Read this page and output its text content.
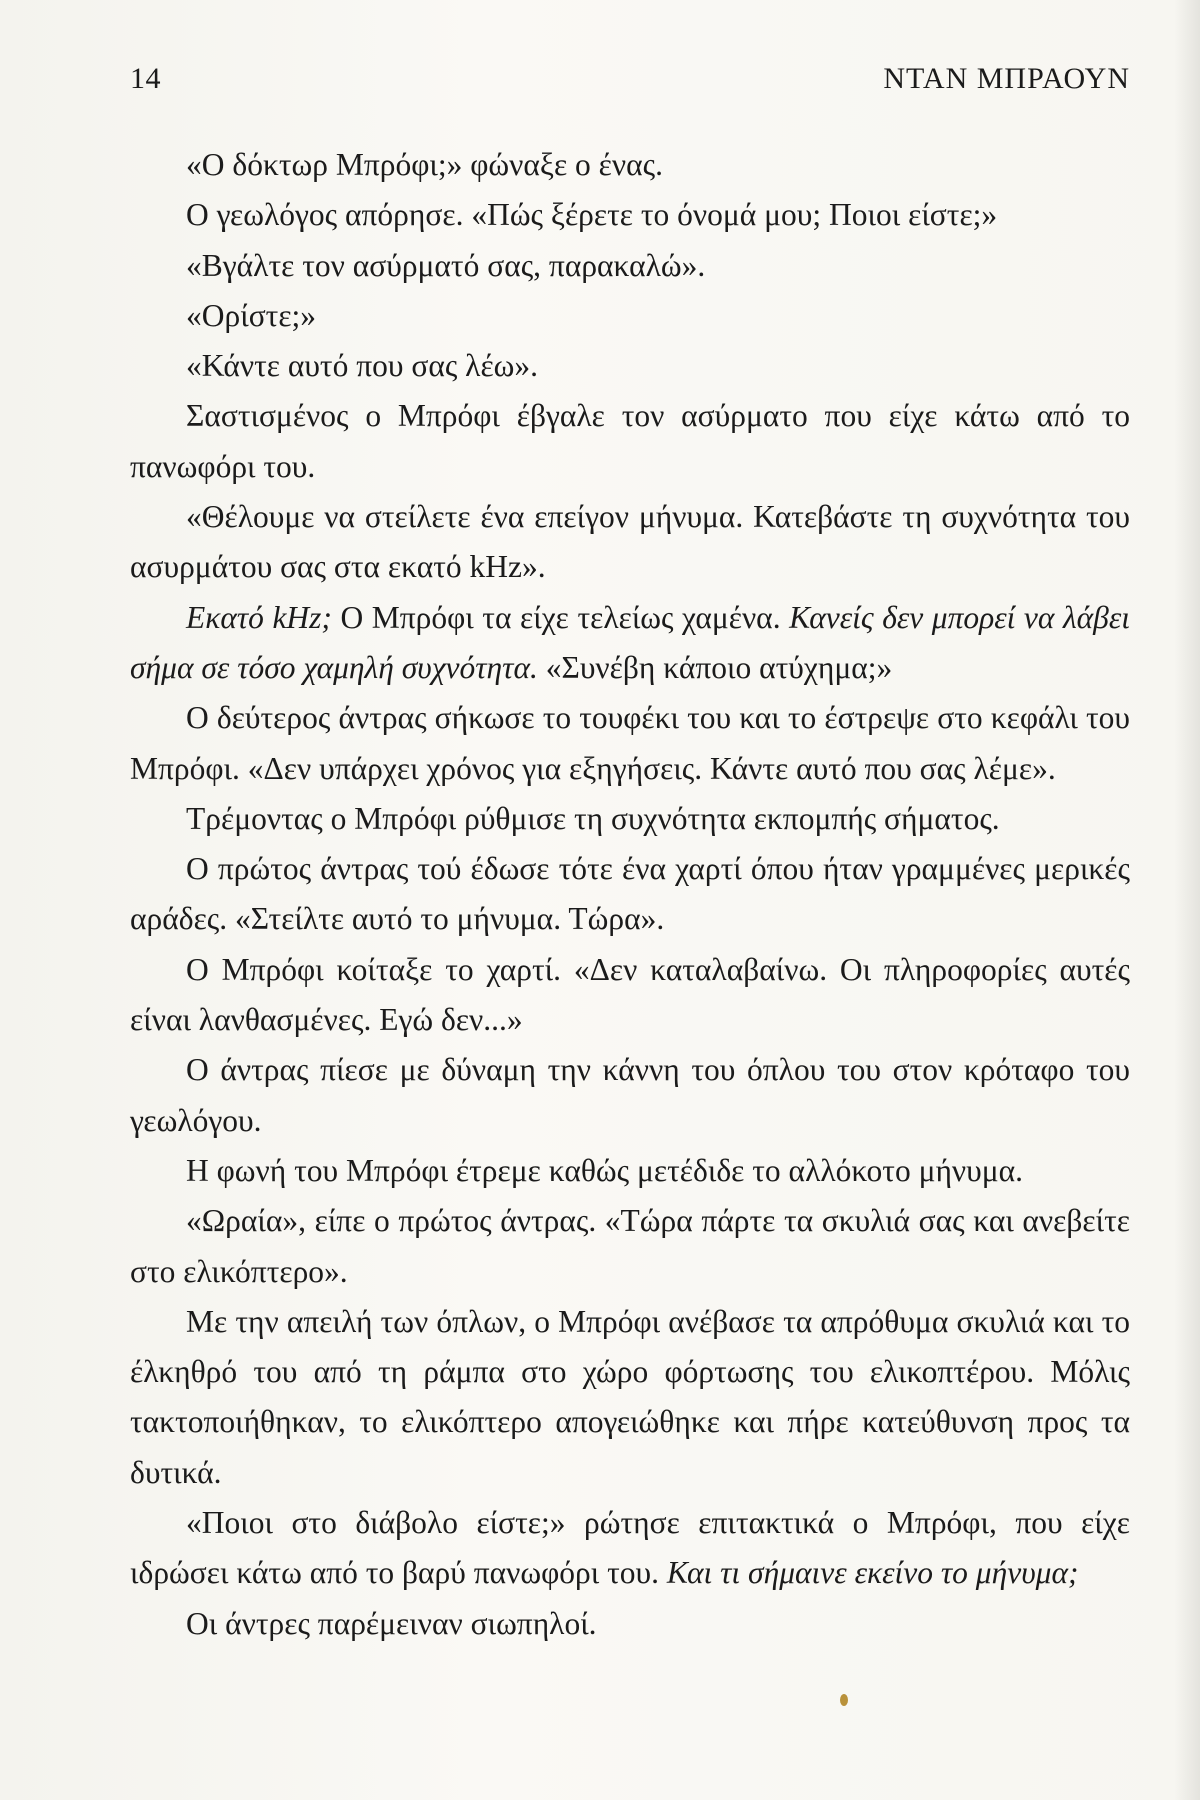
14	ΝΤΑΝ ΜΠΡΑΟΥΝ

«Ο δόκτωρ Μπρόφι;» φώναξε ο ένας.

Ο γεωλόγος απόρησε. «Πώς ξέρετε το όνομά μου; Ποιοι είστε;»

«Βγάλτε τον ασύρματό σας, παρακαλώ».

«Ορίστε;»

«Κάντε αυτό που σας λέω».

Σαστισμένος ο Μπρόφι έβγαλε τον ασύρματο που είχε κάτω από το πανωφόρι του.

«Θέλουμε να στείλετε ένα επείγον μήνυμα. Κατεβάστε τη συχνότητα του ασυρμάτου σας στα εκατό kHz».

Εκατό kHz; Ο Μπρόφι τα είχε τελείως χαμένα. Κανείς δεν μπορεί να λάβει σήμα σε τόσο χαμηλή συχνότητα. «Συνέβη κάποιο ατύχημα;»

Ο δεύτερος άντρας σήκωσε το τουφέκι του και το έστρεψε στο κεφάλι του Μπρόφι. «Δεν υπάρχει χρόνος για εξηγήσεις. Κάντε αυτό που σας λέμε».

Τρέμοντας ο Μπρόφι ρύθμισε τη συχνότητα εκπομπής σήματος.

Ο πρώτος άντρας τού έδωσε τότε ένα χαρτί όπου ήταν γραμμένες μερικές αράδες. «Στείλτε αυτό το μήνυμα. Τώρα».

Ο Μπρόφι κοίταξε το χαρτί. «Δεν καταλαβαίνω. Οι πληροφορίες αυτές είναι λανθασμένες. Εγώ δεν...»

Ο άντρας πίεσε με δύναμη την κάννη του όπλου του στον κρόταφο του γεωλόγου.

Η φωνή του Μπρόφι έτρεμε καθώς μετέδιδε το αλλόκοτο μήνυμα.

«Ωραία», είπε ο πρώτος άντρας. «Τώρα πάρτε τα σκυλιά σας και ανεβείτε στο ελικόπτερο».

Με την απειλή των όπλων, ο Μπρόφι ανέβασε τα απρόθυμα σκυλιά και το έλκηθρό του από τη ράμπα στο χώρο φόρτωσης του ελικοπτέρου. Μόλις τακτοποιήθηκαν, το ελικόπτερο απογειώθηκε και πήρε κατεύθυνση προς τα δυτικά.

«Ποιοι στο διάβολο είστε;» ρώτησε επιτακτικά ο Μπρόφι, που είχε ιδρώσει κάτω από το βαρύ πανωφόρι του. Και τι σήμαινε εκείνο το μήνυμα;

Οι άντρες παρέμειναν σιωπηλοί.
